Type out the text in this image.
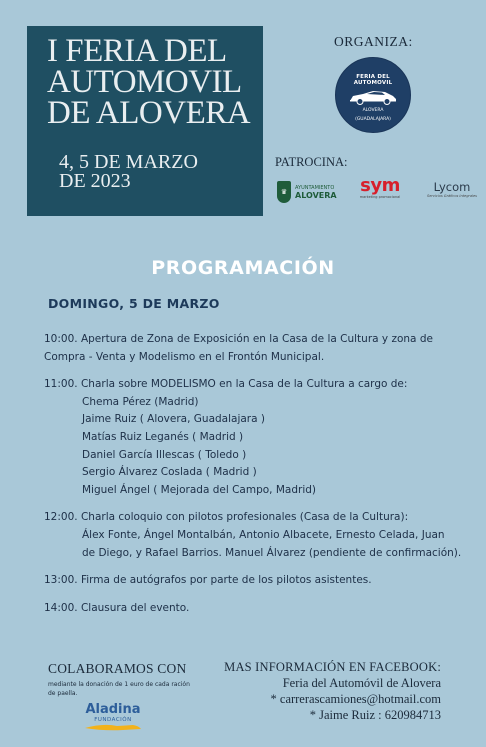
I FERIA DEL
AUTOMOVIL
DE ALOVERA
4, 5 DE MARZO
DE 2023
ORGANIZA:
FERIA DEL AUTOMOVIL
ALOVERA
(GUADALAJARA)
PATROCINA:
♛
AYUNTAMIENTO
ALOVERA sym
marketing promocional
Lycom
Servicios Gráficos Integrales
PROGRAMACIÓN
DOMINGO, 5 DE MARZO
10:00. Apertura de Zona de Exposición en la Casa de la Cultura y zona de
Compra - Venta y Modelismo en el Frontón Municipal.
11:00. Charla sobre MODELISMO en la Casa de la Cultura a cargo de:
Chema Pérez (Madrid)
Jaime Ruiz ( Alovera, Guadalajara )
Matías Ruiz Leganés ( Madrid )
Daniel García Illescas ( Toledo )
Sergio Álvarez Coslada ( Madrid )
Miguel Ángel ( Mejorada del Campo, Madrid)
12:00. Charla coloquio con pilotos profesionales (Casa de la Cultura):
Álex Fonte, Ángel Montalbán, Antonio Albacete, Ernesto Celada, Juan
de Diego, y Rafael Barrios. Manuel Álvarez (pendiente de confirmación).
13:00. Firma de autógrafos por parte de los pilotos asistentes.
14:00. Clausura del evento.
COLABORAMOS CON
mediante la donación de 1 euro de cada ración de paella.
Aladina
FUNDACIÓN
MAS INFORMACIÓN EN FACEBOOK:
Feria del Automóvil de Alovera
* carrerascamiones@hotmail.com
* Jaime Ruiz : 620984713
